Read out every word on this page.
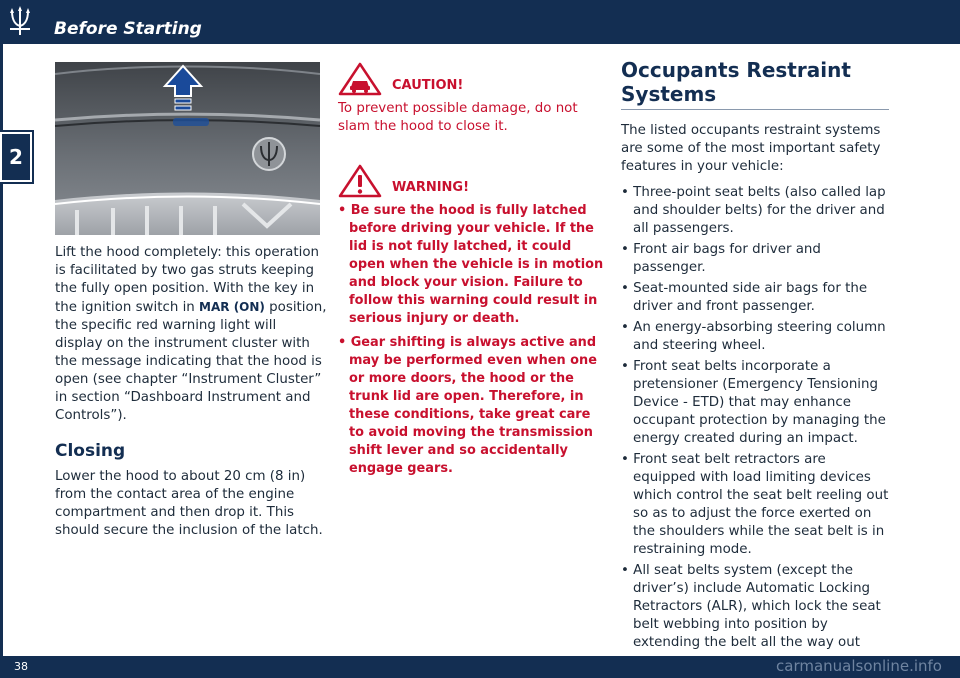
Before Starting
2

Lift the hood completely: this operation is facilitated by two gas struts keeping the fully open position. With the key in the ignition switch in MAR (ON) position, the specific red warning light will display on the instrument cluster with the message indicating that the hood is open (see chapter “Instrument Cluster” in section “Dashboard Instrument and Controls”).

Closing

Lower the hood to about 20 cm (8 in) from the contact area of the engine compartment and then drop it. This should secure the inclusion of the latch.

CAUTION!

To prevent possible damage, do not slam the hood to close it.

WARNING!
• Be sure the hood is fully latched before driving your vehicle. If the lid is not fully latched, it could open when the vehicle is in motion and block your vision. Failure to follow this warning could result in serious injury or death.
• Gear shifting is always active and may be performed even when one or more doors, the hood or the trunk lid are open. Therefore, in these conditions, take great care to avoid moving the transmission shift lever and so accidentally engage gears.
Occupants Restraint Systems

The listed occupants restraint systems are some of the most important safety features in your vehicle:

• Three-point seat belts (also called lap and shoulder belts) for the driver and all passengers.
• Front air bags for driver and passenger.
• Seat-mounted side air bags for the driver and front passenger.
• An energy-absorbing steering column and steering wheel.
• Front seat belts incorporate a pretensioner (Emergency Tensioning Device - ETD) that may enhance occupant protection by managing the energy created during an impact.
• Front seat belt retractors are equipped with load limiting devices which control the seat belt reeling out so as to adjust the force exerted on the shoulders while the seat belt is in restraining mode.
• All seat belts system (except the driver’s) include Automatic Locking Retractors (ALR), which lock the seat belt webbing into position by extending the belt all the way out
38	carmanualsonline.info
